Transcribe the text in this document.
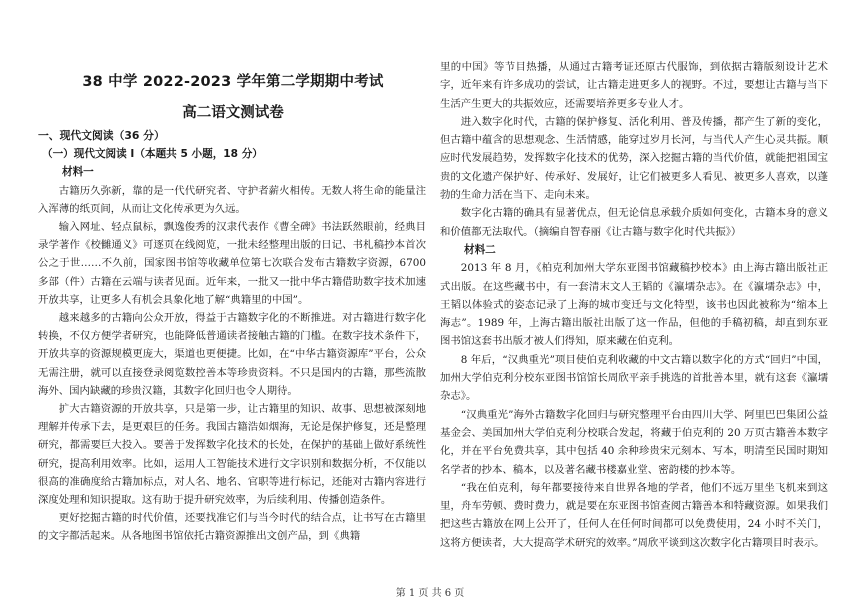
38 中学 2022-2023 学年第二学期期中考试
高二语文测试卷
一、现代文阅读（36 分）
（一）现代文阅读 I（本题共 5 小题，18 分）
材料一

古籍历久弥新，靠的是一代代研究者、守护者薪火相传。无数人将生命的能量注入浑薄的纸页间，从而让文化传承更为久远。

输入网址、轻点鼠标，飘逸俊秀的汉隶代表作《曹全碑》书法跃然眼前，经典目录学著作《校雠通义》可逐页在线阅览，一批未经整理出版的日记、书札稿抄本首次公之于世……不久前，国家图书馆等收藏单位第七次联合发布古籍数字资源，6700 多部（件）古籍在云端与读者见面。近年来，一批又一批中华古籍借助数字技术加速开放共享，让更多人有机会具象化地了解“典籍里的中国”。

越来越多的古籍向公众开放，得益于古籍数字化的不断推进。对古籍进行数字化转换，不仅方便学者研究，也能降低普通读者接触古籍的门槛。在数字技术条件下，开放共享的资源规模更庞大，渠道也更便捷。比如，在“中华古籍资源库”平台，公众无需注册，就可以直接登录阅览数控善本等珍贵资料。不只是国内的古籍，那些流散海外、国内缺藏的珍贵汉籍，其数字化回归也令人期待。

扩大古籍资源的开放共享，只是第一步，让古籍里的知识、故事、思想被深刻地理解并传承下去，是更艰巨的任务。我国古籍浩如烟海，无论是保护修复，还是整理研究，都需要巨大投入。要善于发挥数字化技术的长处，在保护的基础上做好系统性研究，提高利用效率。比如，运用人工智能技术进行文字识别和数据分析，不仅能以很高的准确度给古籍加标点，对人名、地名、官职等进行标记，还能对古籍内容进行深度处理和知识提取。这有助于提升研究效率，为后续利用、传播创造条件。

更好挖掘古籍的时代价值，还要找准它们与当今时代的结合点，让书写在古籍里的文字都活起来。从各地图书馆依托古籍资源推出文创产品，到《典籍

里的中国》等节目热播，从通过古籍考证还原古代服饰，到依据古籍版刻设计艺术字，近年来有许多成功的尝试，让古籍走进更多人的视野。不过，要想让古籍与当下生活产生更大的共振效应，还需要培养更多专业人才。

进入数字化时代，古籍的保护修复、活化利用、普及传播，都产生了新的变化，但古籍中蕴含的思想观念、生活情感，能穿过岁月长河，与当代人产生心灵共振。顺应时代发展趋势，发挥数字化技术的优势，深入挖掘古籍的当代价值，就能把祖国宝贵的文化遗产保护好、传承好、发展好，让它们被更多人看见、被更多人喜欢，以蓬勃的生命力活在当下、走向未来。

数字化古籍的确具有显著优点，但无论信息承载介质如何变化，古籍本身的意义和价值都无法取代。（摘编自智春丽《让古籍与数字化时代共振》）

材料二

2013 年 8 月，《柏克利加州大学东亚图书馆藏稿抄校本》由上海古籍出版社正式出版。在这些藏书中，有一套清末文人王韬的《瀛壖杂志》。在《瀛壖杂志》中，王韬以体验式的姿态记录了上海的城市变迁与文化特型，该书也因此被称为“缩本上海志”。1989 年，上海古籍出版社出版了这一作品，但他的手稿初稿，却直到东亚图书馆这套书出版才被人们得知，原来藏在伯克利。

8 年后，“汉典重光”项目使伯克利收藏的中文古籍以数字化的方式“回归”中国，加州大学伯克利分校东亚图书馆馆长周欣平亲手挑选的首批善本里，就有这套《瀛壖杂志》。

“汉典重光”海外古籍数字化回归与研究整理平台由四川大学、阿里巴巴集团公益基金会、美国加州大学伯克利分校联合发起，将藏于伯克利的 20 万页古籍善本数字化，并在平台免费共享，其中包括 40 余种珍贵宋元刻本、写本，明清至民国时期知名学者的抄本、稿本，以及著名藏书楼嘉业堂、密韵楼的抄本等。

“我在伯克利，每年都要接待来自世界各地的学者，他们不远万里坐飞机来到这里，舟车劳顿、费时费力，就是要在东亚图书馆查阅古籍善本和特藏资源。如果我们把这些古籍放在网上公开了，任何人在任何时间都可以免费使用，24 小时不关门，这将方便读者，大大提高学术研究的效率。”周欣平谈到这次数字化古籍项目时表示。

第 1 页 共 6 页
